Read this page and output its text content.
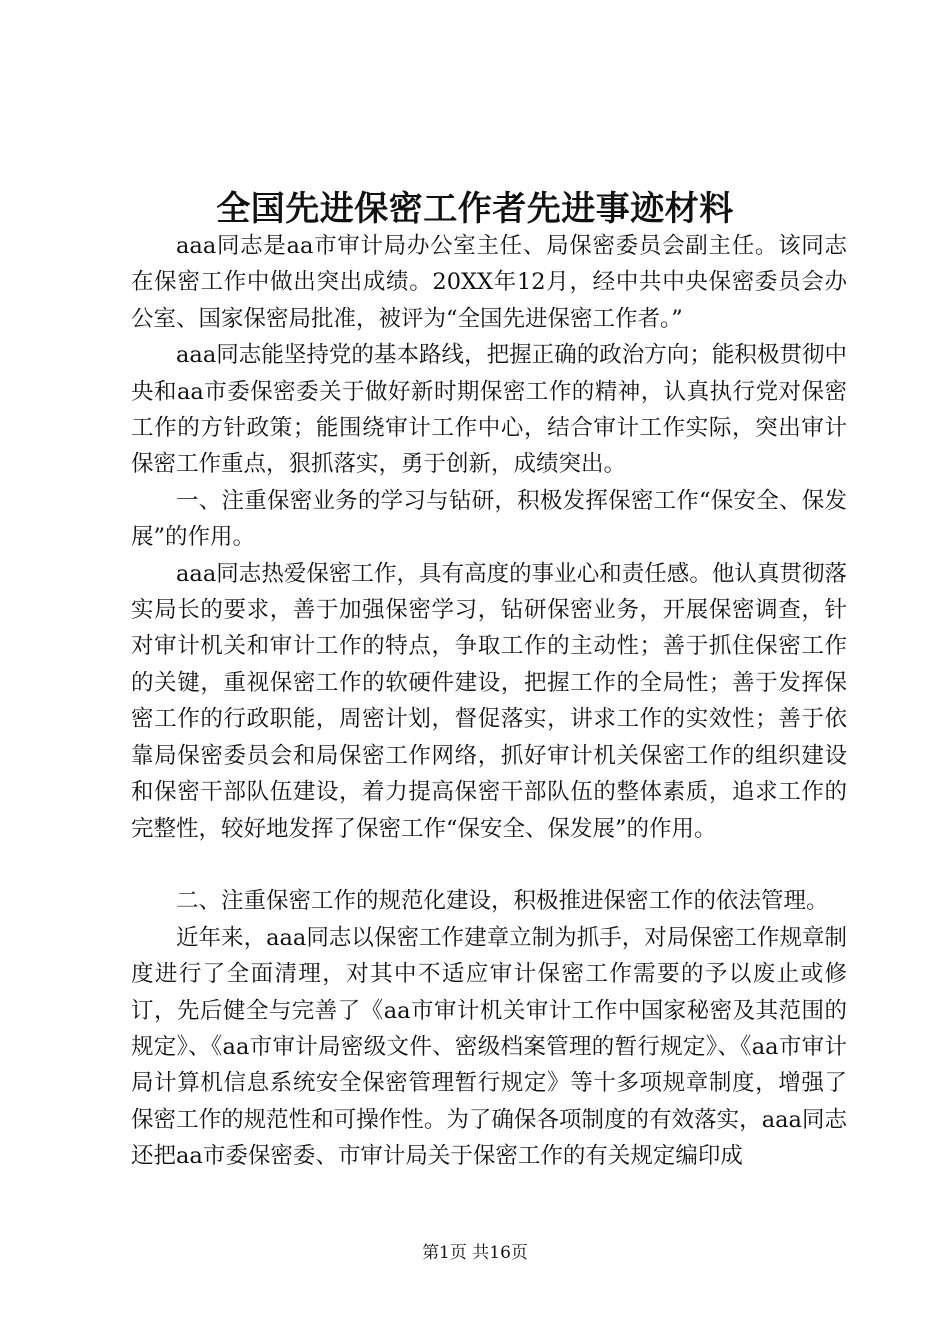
全国先进保密工作者先进事迹材料

aaa同志是aa市审计局办公室主任、局保密委员会副主任。该同志在保密工作中做出突出成绩。20XX年12月，经中共中央保密委员会办公室、国家保密局批准，被评为“全国先进保密工作者。”

aaa同志能坚持党的基本路线，把握正确的政治方向；能积极贯彻中央和aa市委保密委关于做好新时期保密工作的精神，认真执行党对保密工作的方针政策；能围绕审计工作中心，结合审计工作实际，突出审计保密工作重点，狠抓落实，勇于创新，成绩突出。

一、注重保密业务的学习与钻研，积极发挥保密工作“保安全、保发展”的作用。

aaa同志热爱保密工作，具有高度的事业心和责任感。他认真贯彻落实局长的要求，善于加强保密学习，钻研保密业务，开展保密调查，针对审计机关和审计工作的特点，争取工作的主动性；善于抓住保密工作的关键，重视保密工作的软硬件建设，把握工作的全局性；善于发挥保密工作的行政职能，周密计划，督促落实，讲求工作的实效性；善于依靠局保密委员会和局保密工作网络，抓好审计机关保密工作的组织建设和保密干部队伍建设，着力提高保密干部队伍的整体素质，追求工作的完整性，较好地发挥了保密工作“保安全、保发展”的作用。

二、注重保密工作的规范化建设，积极推进保密工作的依法管理。

近年来，aaa同志以保密工作建章立制为抓手，对局保密工作规章制度进行了全面清理，对其中不适应审计保密工作需要的予以废止或修订，先后健全与完善了《aa市审计机关审计工作中国家秘密及其范围的规定》、《aa市审计局密级文件、密级档案管理的暂行规定》、《aa市审计局计算机信息系统安全保密管理暂行规定》等十多项规章制度，增强了保密工作的规范性和可操作性。为了确保各项制度的有效落实，aaa同志还把aa市委保密委、市审计局关于保密工作的有关规定编印成

第1页 共16页
